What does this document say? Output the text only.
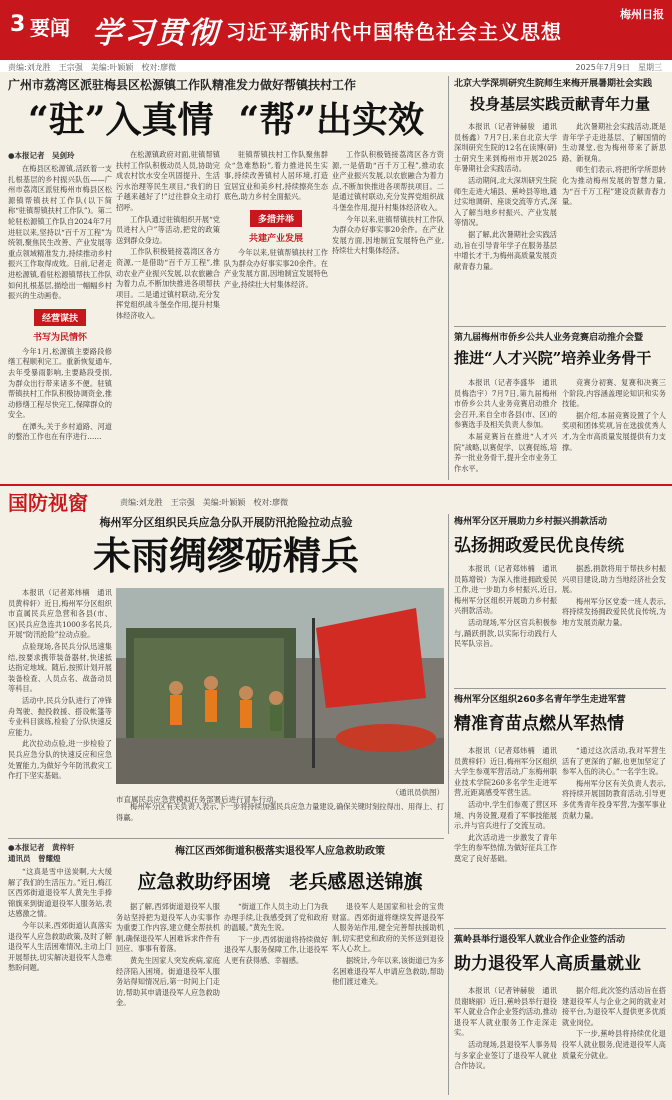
3 要闻 学习贯彻 习近平新时代中国特色社会主义思想
梅州日报
责编:刘龙胜　王宗强　美编:叶颖颖　校对:廖微	2025年7月9日　星期三
广州市荔湾区派驻梅县区松源镇工作队精准发力做好帮镇扶村工作
“驻”入真情 “帮”出实效
●本报记者　吴剑玲

在梅县区松源镇,活跃着一支扎根基层的乡村振兴队伍——广州市荔湾区派驻梅州市梅县区松源镇帮镇扶村工作队(以下简称“驻镇帮镇扶村工作队”)。第二轮驻松源镇工作队自2024年7月进驻以来,坚持以“百千万工程”为统领,聚焦民生改善、产业发展等重点领域精准发力,持续推动乡村振兴工作取得成效。日前,记者走进松源镇,看驻松源镇帮扶工作队如何扎根基层,描绘出一幅幅乡村振兴的生动画卷。

经营谋扶
书写为民情怀

今年1月,松源镇主要路段修缮工程顺利完工。重新恢复通车,去年受暴雨影响,主要路段受损,为群众出行带来诸多不便。驻镇帮镇扶村工作队积极协调资金,推动修缮工程尽快完工,保障群众的安全。

在潭头,关于乡村道路、河道的整治工作也在有序进行……

在松源镇政府对面,驻镇帮镇扶村工作队积极动员人员,协助完成农村饮水安全巩固提升、生活污水治理等民生项目,“我们的日子越来越好了!”过往群众主动打招呼。

工作队通过驻镇组织开展“党员进村入户”等活动,把党的政策送到群众身边。

工作队积极链接荔湾区各方资源,一是借助“百千万工程”,推动农业产业振兴发展,以农旅融合为着力点,不断加快推进各项帮扶项目。二是通过镇村联动,充分发挥党组织战斗堡垒作用,提升村集体经济收入。

驻镇帮镇扶村工作队聚焦群众“急难愁盼”,着力推进民生实事,持续改善镇村人居环境,打造宜居宜业和美乡村,持续擦亮生态底色,助力乡村全面振兴。

多措并举
共建产业发展

今年以来,驻镇帮镇扶村工作队为群众办好事实事20余件。在产业发展方面,因地制宜发展特色产业,持续壮大村集体经济。

工作队积极链接荔湾区各方资源,一是借助“百千万工程”,推动农业产业振兴发展,以农旅融合为着力点,不断加快推进各项帮扶项目。二是通过镇村联动,充分发挥党组织战斗堡垒作用,提升村集体经济收入。

今年以来,驻镇帮镇扶村工作队为群众办好事实事20余件。在产业发展方面,因地制宜发展特色产业,持续壮大村集体经济。

北京大学深圳研究生院师生来梅开展暑期社会实践
投身基层实践贡献青年力量

本报讯（记者钟赫骏　通讯员杨鑫）7月7日,来自北京大学深圳研究生院的12名在读博(研)士研究生来到梅州市开展2025年暑期社会实践活动。

活动期间,北大深圳研究生院师生走进大埔县、蕉岭县等地,通过实地调研、座谈交流等方式,深入了解当地乡村振兴、产业发展等情况。

据了解,此次暑期社会实践活动,旨在引导青年学子在服务基层中增长才干,为梅州高质量发展贡献青春力量。

此次暑期社会实践活动,既是青年学子走进基层、了解国情的生动课堂,也为梅州带来了新思路、新视角。

师生们表示,将把所学所思转化为推动梅州发展的智慧力量,为“百千万工程”建设贡献青春力量。

第九届梅州市侨乡公共人业务竞赛启动推介会暨
推进“人才兴院”培养业务骨干

本报讯（记者李盛华　通讯员梅浩宇）7月7日,第九届梅州市侨乡公共人业务竞赛启动推介会召开,来自全市各县(市、区)的参赛选手及相关负责人参加。

本届竞赛旨在推进“人才兴院”战略,以赛促学、以赛促练,培养一批业务骨干,提升全市业务工作水平。

竞赛分初赛、复赛和决赛三个阶段,内容涵盖理论知识和实务技能。

据介绍,本届竞赛设置了个人奖项和团体奖项,旨在选拔优秀人才,为全市高质量发展提供有力支撑。

国防视窗	责编:刘龙胜　王宗强　美编:叶颖颖　校对:廖微
梅州军分区组织民兵应急分队开展防汛抢险拉动点验
未雨绸缪砺精兵

本报讯（记者郑炜楠　通讯员黄梓轩）近日,梅州军分区组织市直属民兵应急营和各县(市、区)民兵应急连共1000多名民兵,开展“防汛抢险”拉动点验。

点验现场,各民兵分队迅速集结,按要求携带装备器材,快速抵达指定地域。随后,按照计划开展装备检查、人员点名、战备动员等科目。

活动中,民兵分队进行了冲锋舟驾驶、抛投救援、搭设帐篷等专业科目演练,检验了分队快速反应能力。

此次拉动点验,进一步检验了民兵应急分队的快速反应和应急处置能力,为做好今年防汛救灾工作打下坚实基础。

市直属民兵应急营模拟任务部署后进行冒车行动。
（通讯员供图）

梅州军分区有关负责人表示,下一步将持续加强民兵应急力量建设,确保关键时刻拉得出、用得上、打得赢。

梅州军分区开展助力乡村振兴捐款活动
弘扬拥政爱民优良传统

本报讯（记者郑炜楠　通讯员陈增锐）为深入推进拥政爱民工作,进一步助力乡村振兴,近日,梅州军分区组织开展助力乡村振兴捐款活动。

活动现场,军分区官兵积极参与,踊跃捐款,以实际行动践行人民军队宗旨。

据悉,捐款将用于帮扶乡村振兴项目建设,助力当地经济社会发展。

梅州军分区党委一班人表示,将持续发扬拥政爱民优良传统,为地方发展贡献力量。

梅州军分区组织260多名青年学生走进军营
精准育苗点燃从军热情

本报讯（记者郑炜楠　通讯员黄梓轩）近日,梅州军分区组织大学生参观军营活动,广东梅州职业技术学院260多名学生走进军营,近距离感受军营生活。

活动中,学生们参观了营区环境、内务设置,观看了军事技能展示,并与官兵进行了交流互动。

此次活动进一步激发了青年学生的参军热情,为做好征兵工作奠定了良好基础。

“通过这次活动,我对军营生活有了更深的了解,也更加坚定了参军入伍的决心。”一名学生说。

梅州军分区有关负责人表示,将持续开展国防教育活动,引导更多优秀青年投身军营,为强军事业贡献力量。

●本报记者　黄梓轩
通讯员　曾耀煌

“这真是雪中送炭啊,大大缓解了我们的生活压力。”近日,梅江区西郊街道退役军人黄先生手捧锦旗来到街道退役军人服务站,表达感激之情。

今年以来,西郊街道认真落实退役军人应急救助政策,及时了解退役军人生活困难情况,主动上门开展帮扶,切实解决退役军人急难愁盼问题。

梅江区西郊街道积极落实退役军人应急救助政策
应急救助纾困境　老兵感恩送锦旗

据了解,西郊街道退役军人服务站坚持把为退役军人办实事作为重要工作内容,建立健全帮扶机制,确保退役军人困难诉求件件有回应、事事有着落。

黄先生因家人突发疾病,家庭经济陷入困境。街道退役军人服务站得知情况后,第一时间上门走访,帮助其申请退役军人应急救助金。

“街道工作人员主动上门为我办理手续,让我感受到了党和政府的温暖。”黄先生说。

下一步,西郊街道将持续做好退役军人服务保障工作,让退役军人更有获得感、幸福感。

退役军人是国家和社会的宝贵财富。西郊街道将继续发挥退役军人服务站作用,健全完善帮扶援助机制,切实把党和政府的关怀送到退役军人心坎上。

据统计,今年以来,该街道已为多名困难退役军人申请应急救助,帮助他们渡过难关。

蕉岭县举行退役军人就业合作企业签约活动
助力退役军人高质量就业

本报讯（记者钟赫骏　通讯员谢晓丽）近日,蕉岭县举行退役军人就业合作企业签约活动,推动退役军人就业服务工作走深走实。

活动现场,县退役军人事务局与多家企业签订了退役军人就业合作协议。

据介绍,此次签约活动旨在搭建退役军人与企业之间的就业对接平台,为退役军人提供更多优质就业岗位。

下一步,蕉岭县将持续优化退役军人就业服务,促进退役军人高质量充分就业。
